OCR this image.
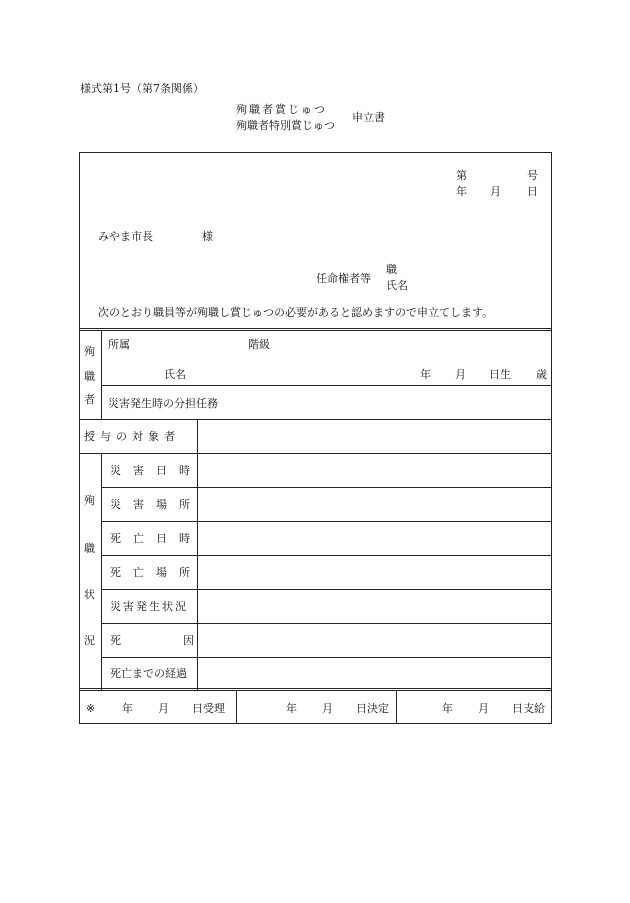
様式第1号（第7条関係）
殉職者賞じゅつ
殉職者特別賞じゅつ
申立書
第	号
年 月 日
みやま市長	様
任命権者等
職
氏名
次のとおり職員等が殉職し賞じゅつの必要があると認めますので申立てします。
殉
職
者
所属	階級
氏名	年 月 日生 歳
災害発生時の分担任務
授与の対象者
殉
職
状
況
災害日時
災害場所
死亡日時
死亡場所
災害発生状況
死因
死亡までの経過
※ 年 月 日受理	年 月 日決定	年 月 日支給
